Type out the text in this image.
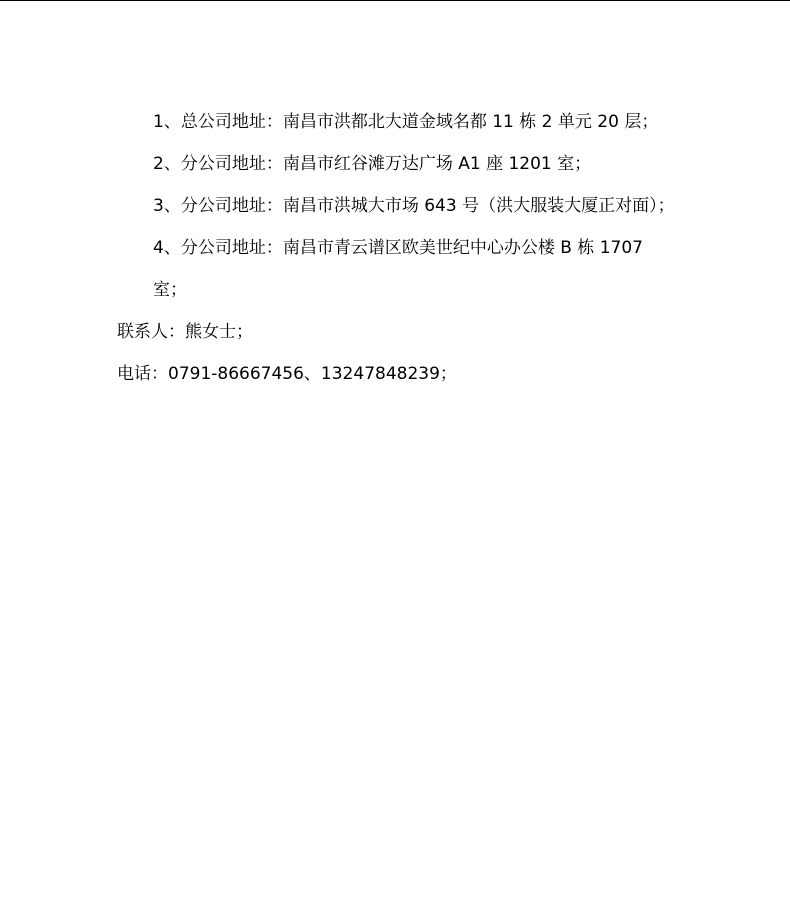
1、总公司地址：南昌市洪都北大道金域名都 11 栋 2 单元 20 层；

2、分公司地址：南昌市红谷滩万达广场 A1 座 1201 室；

3、分公司地址：南昌市洪城大市场 643 号（洪大服装大厦正对面）；

4、分公司地址：南昌市青云谱区欧美世纪中心办公楼 B 栋 1707 室；

联系人：熊女士；

电话：0791-86667456、13247848239；
